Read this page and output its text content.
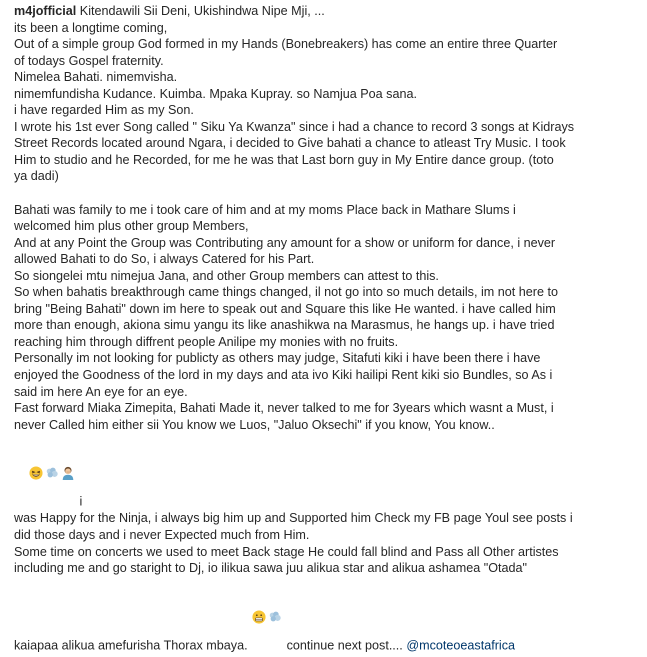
m4jofficial Kitendawili Sii Deni, Ukishindwa Nipe Mji, ...
its been a longtime coming,
Out of a simple group God formed in my Hands (Bonebreakers) has come an entire three Quarter
of todays Gospel fraternity.
Nimelea Bahati. nimemvisha.
nimemfundisha Kudance. Kuimba. Mpaka Kupray. so Namjua Poa sana.
i have regarded Him as my Son.
I wrote his 1st ever Song called " Siku Ya Kwanza" since i had a chance to record 3 songs at Kidrays
Street Records located around Ngara, i decided to Give bahati a chance to atleast Try Music. I took
Him to studio and he Recorded, for me he was that Last born guy in My Entire dance group. (toto
ya dadi)
Bahati was family to me i took care of him and at my moms Place back in Mathare Slums i
welcomed him plus other group Members,
And at any Point the Group was Contributing any amount for a show or uniform for dance, i never
allowed Bahati to do So, i always Catered for his Part.
So siongelei mtu nimejua Jana, and other Group members can attest to this.
So when bahatis breakthrough came things changed, il not go into so much details, im not here to
bring "Being Bahati" down im here to speak out and Square this like He wanted. i have called him
more than enough, akiona simu yangu its like anashikwa na Marasmus, he hangs up. i have tried
reaching him through diffrent people Anilipe my monies with no fruits.
Personally im not looking for publicty as others may judge, Sitafuti kiki i have been there i have
enjoyed the Goodness of the lord in my days and ata ivo Kiki hailipi Rent kiki sio Bundles, so As i
said im here An eye for an eye.
Fast forward Miaka Zimepita, Bahati Made it, never talked to me for 3years which wasnt a Must, i
never Called him either sii You know we Luos, "Jaluo Oksechi" if you know, You know..

i
was Happy for the Ninja, i always big him up and Supported him Check my FB page Youl see posts i
did those days and i never Expected much from Him.
Some time on concerts we used to meet Back stage He could fall blind and Pass all Other artistes
including me and go staright to Dj, io ilikua sawa juu alikua star and alikua ashamea "Otada"
kaiapaa alikua amefurisha Thorax mbaya.

	continue next post.... @mcoteoeastafrica
